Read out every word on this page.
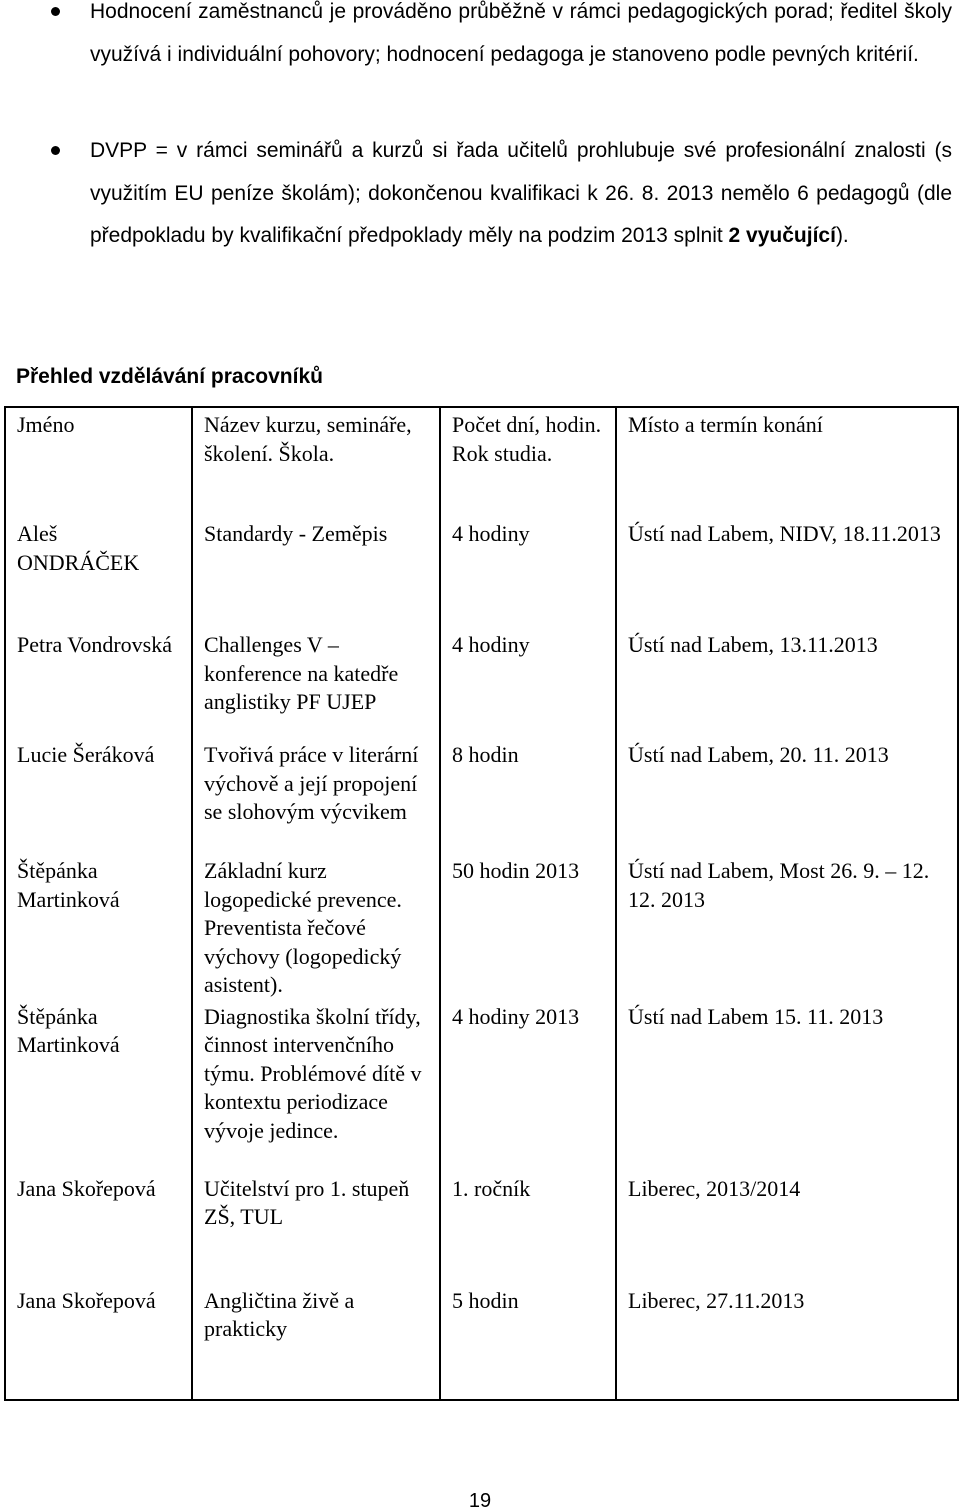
Hodnocení zaměstnanců je prováděno průběžně v rámci pedagogických porad; ředitel školy využívá i individuální pohovory; hodnocení pedagoga je stanoveno podle pevných kritérií.

DVPP = v rámci seminářů a kurzů si řada učitelů prohlubuje své profesionální znalosti (s využitím EU peníze školám); dokončenou kvalifikaci k 26. 8. 2013 nemělo 6 pedagogů (dle předpokladu by kvalifikační předpoklady měly na podzim 2013 splnit 2 vyučující).

Přehled vzdělávání pracovníků
Jméno	Název kurzu, semináře, školení. Škola.	Počet dní, hodin. Rok studia.	Místo a termín konání
Aleš ONDRÁČEK	Standardy - Zeměpis	4 hodiny	Ústí nad Labem, NIDV, 18.11.2013
Petra Vondrovská	Challenges V – konference na katedře anglistiky PF UJEP	4 hodiny	Ústí nad Labem, 13.11.2013
Lucie Šeráková	Tvořivá práce v literární výchově a její propojení se slohovým výcvikem	8 hodin	Ústí nad Labem, 20. 11. 2013
Štěpánka Martinková	Základní kurz logopedické prevence. Preventista řečové výchovy (logopedický asistent).	50 hodin 2013	Ústí nad Labem, Most 26. 9. – 12. 12. 2013
Štěpánka Martinková	Diagnostika školní třídy, činnost intervenčního týmu. Problémové dítě v kontextu periodizace vývoje jedince.	4 hodiny 2013	Ústí nad Labem 15. 11. 2013
Jana Skořepová	Učitelství pro 1. stupeň ZŠ, TUL	1. ročník	Liberec, 2013/2014
Jana Skořepová	Angličtina živě a prakticky	5 hodin	Liberec, 27.11.2013
19
